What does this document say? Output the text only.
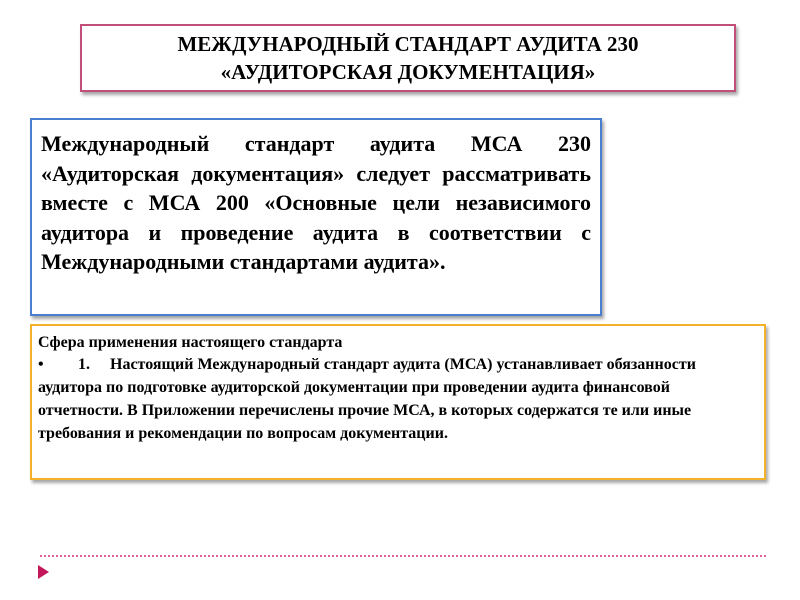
МЕЖДУНАРОДНЫЙ СТАНДАРТ АУДИТА 230
«АУДИТОРСКАЯ ДОКУМЕНТАЦИЯ»

Международный стандарт аудита МСА 230 «Аудиторская документация» следует рассматривать вместе с МСА 200 «Основные цели независимого аудитора и проведение аудита в соответствии с Международными стандартами аудита».

Сфера применения настоящего стандарта

• 1. Настоящий Международный стандарт аудита (МСА) устанавливает обязанности аудитора по подготовке аудиторской документации при проведении аудита финансовой отчетности. В Приложении перечислены прочие МСА, в которых содержатся те или иные требования и рекомендации по вопросам документации.
